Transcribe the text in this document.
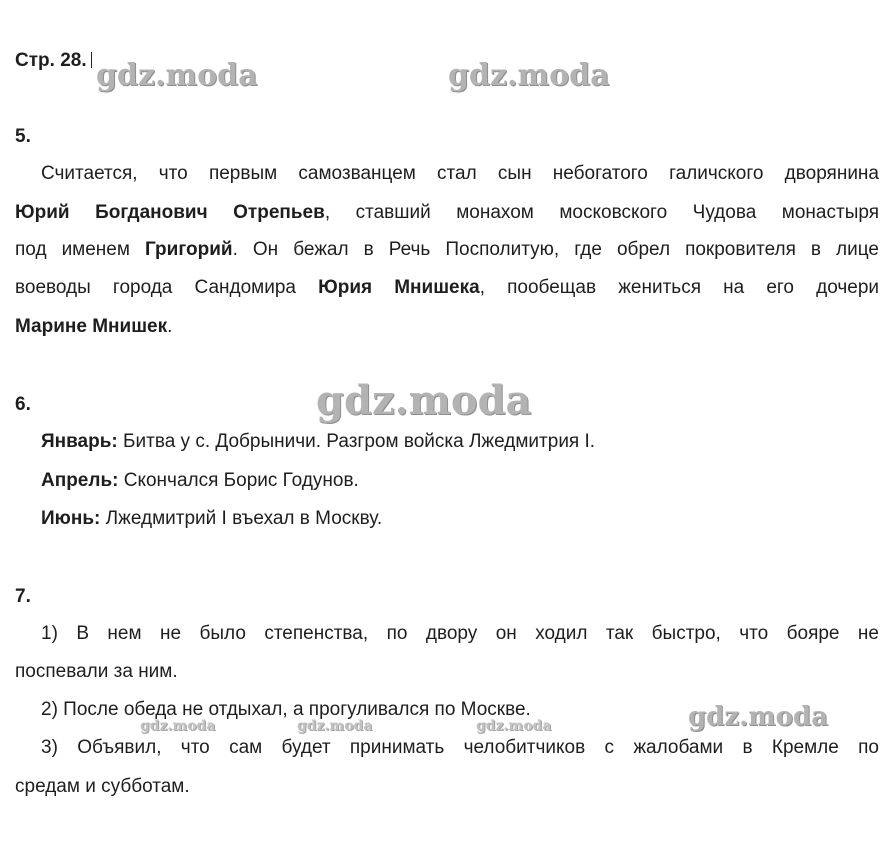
Стр. 28.
5.
Считается, что первым самозванцем стал сын небогатого галичского дворянина
Юрий Богданович Отрепьев, ставший монахом московского Чудова монастыря
под именем Григорий. Он бежал в Речь Посполитую, где обрел покровителя в лице
воеводы города Сандомира Юрия Мнишека, пообещав жениться на его дочери
Марине Мнишек.
6.
Январь: Битва у с. Добрыничи. Разгром войска Лжедмитрия I.
Апрель: Скончался Борис Годунов.
Июнь: Лжедмитрий I въехал в Москву.
7.
1) В нем не было степенства, по двору он ходил так быстро, что бояре не
поспевали за ним.
2) После обеда не отдыхал, а прогуливался по Москве.
3) Объявил, что сам будет принимать челобитчиков с жалобами в Кремле по
средам и субботам.
gdz.moda	gdz.moda
gdz.moda
gdz.moda
gdz.moda	gdz.moda	gdz.moda
